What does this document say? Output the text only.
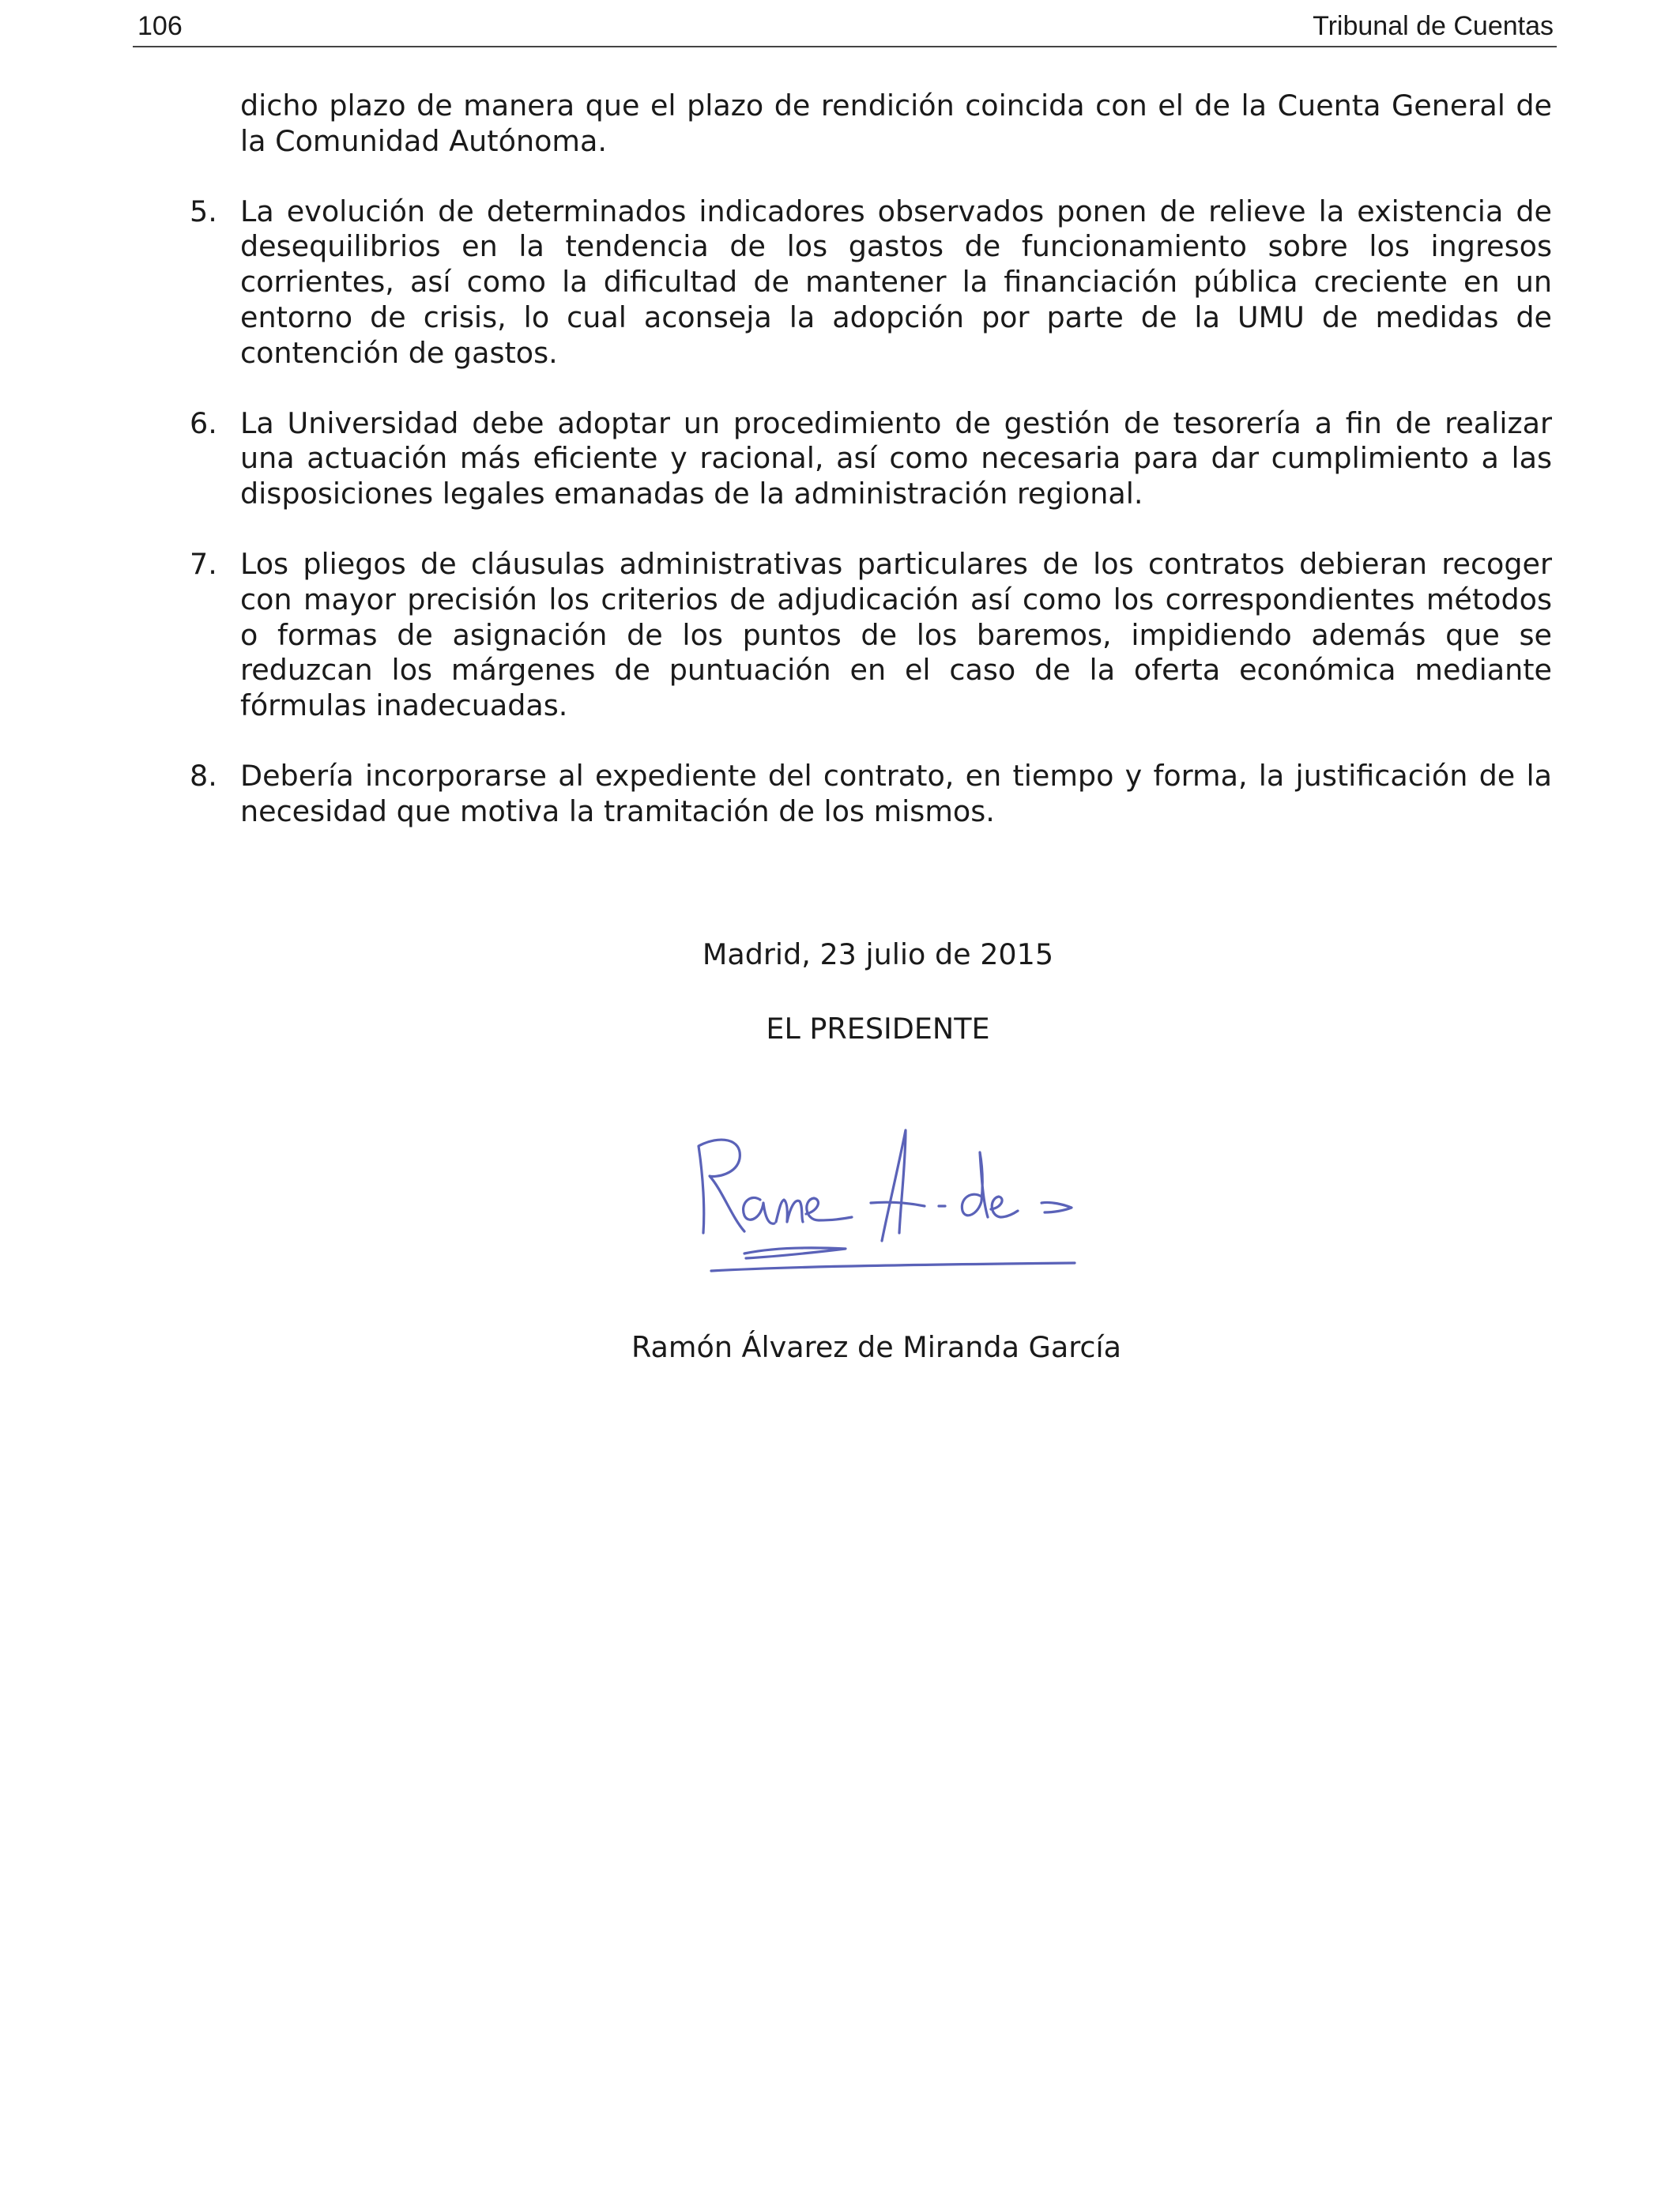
106	Tribunal de Cuentas

dicho plazo de manera que el plazo de rendición coincida con el de la Cuenta General de la Comunidad Autónoma.

5. La evolución de determinados indicadores observados ponen de relieve la existencia de desequilibrios en la tendencia de los gastos de funcionamiento sobre los ingresos corrientes, así como la dificultad de mantener la financiación pública creciente en un entorno de crisis, lo cual aconseja la adopción por parte de la UMU de medidas de contención de gastos.

6. La Universidad debe adoptar un procedimiento de gestión de tesorería a fin de realizar una actuación más eficiente y racional, así como necesaria para dar cumplimiento a las disposiciones legales emanadas de la administración regional.

7. Los pliegos de cláusulas administrativas particulares de los contratos debieran recoger con mayor precisión los criterios de adjudicación así como los correspondientes métodos o formas de asignación de los puntos de los baremos, impidiendo además que se reduzcan los márgenes de puntuación en el caso de la oferta económica mediante fórmulas inadecuadas.

8. Debería incorporarse al expediente del contrato, en tiempo y forma, la justificación de la necesidad que motiva la tramitación de los mismos.

Madrid, 23 julio de 2015
EL PRESIDENTE
Ramón Álvarez de Miranda García
